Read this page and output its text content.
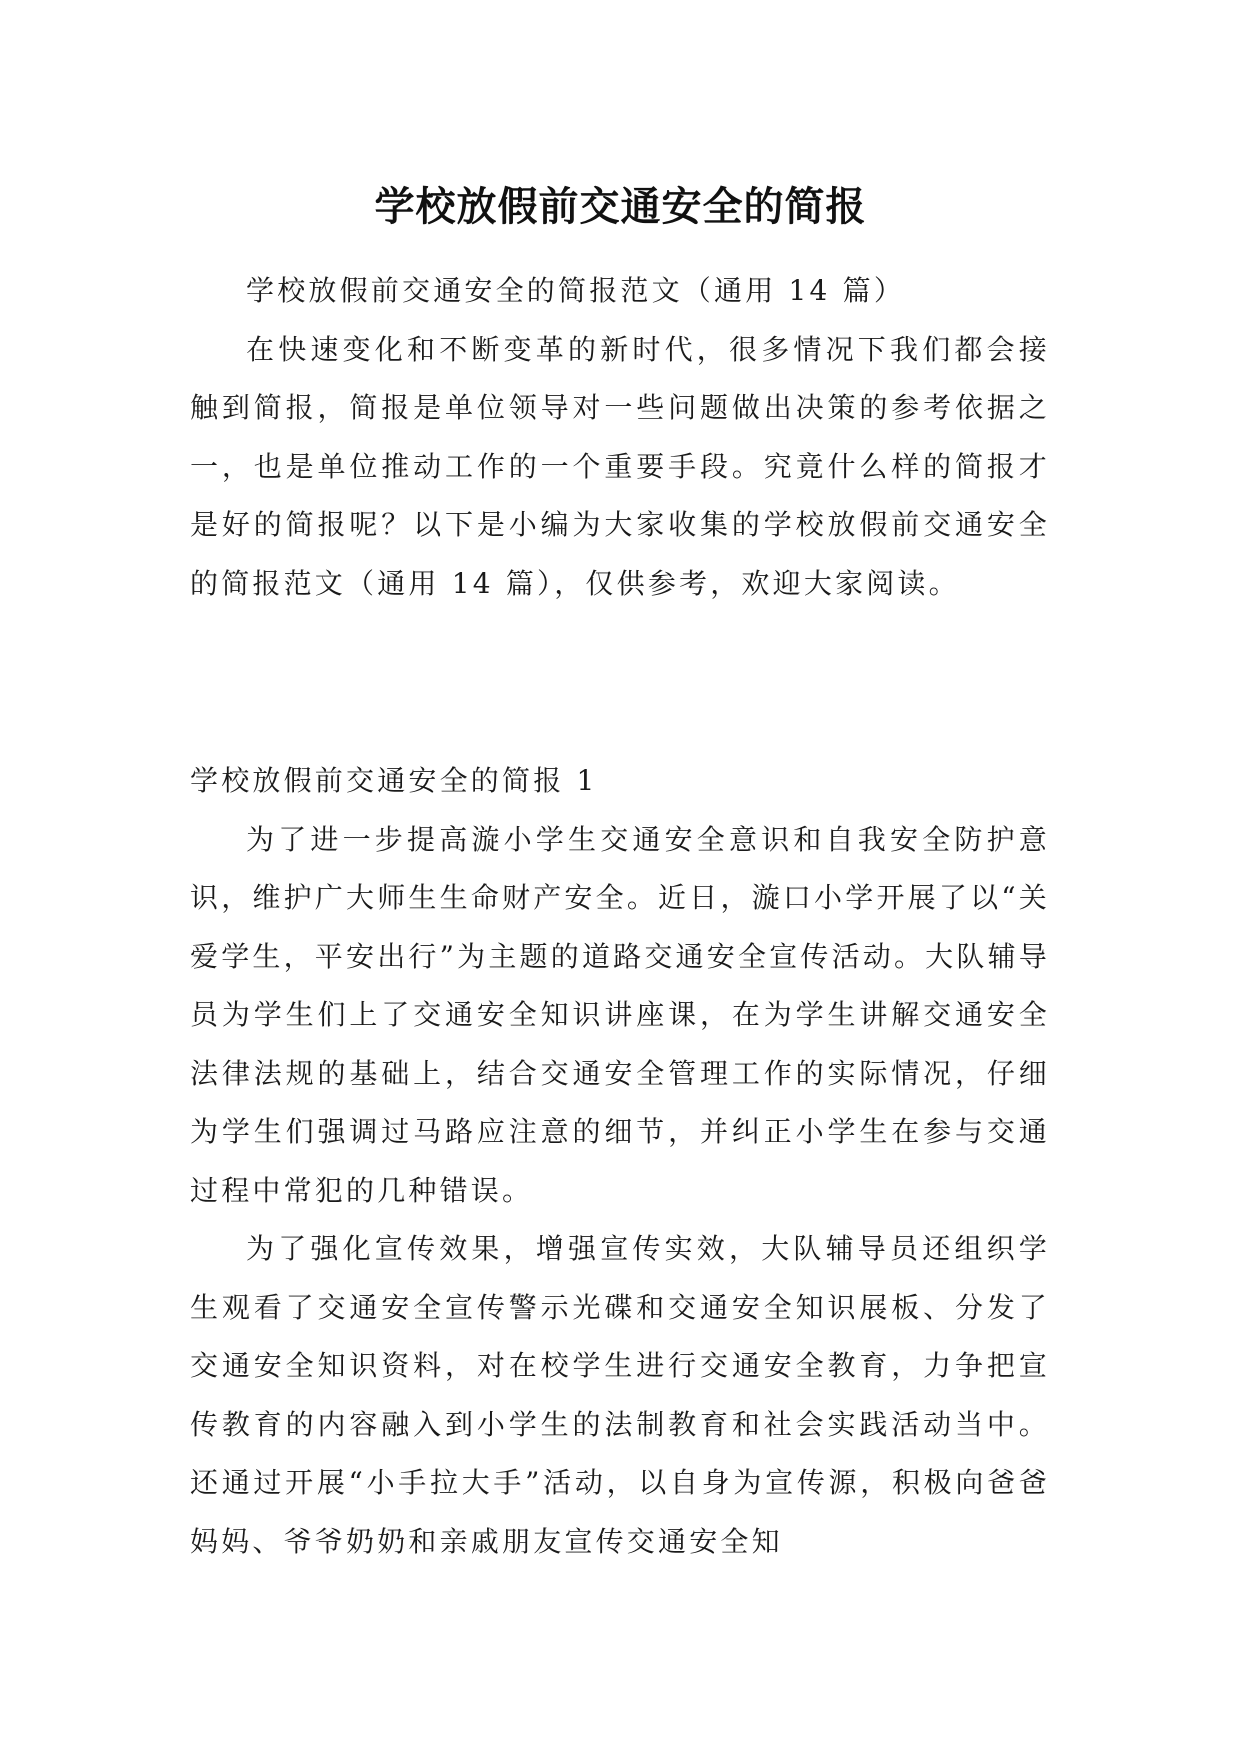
学校放假前交通安全的简报

学校放假前交通安全的简报范文（通用 14 篇）

在快速变化和不断变革的新时代，很多情况下我们都会接触到简报，简报是单位领导对一些问题做出决策的参考依据之一，也是单位推动工作的一个重要手段。究竟什么样的简报才是好的简报呢？以下是小编为大家收集的学校放假前交通安全的简报范文（通用 14 篇），仅供参考，欢迎大家阅读。

学校放假前交通安全的简报 1

为了进一步提高漩小学生交通安全意识和自我安全防护意识，维护广大师生生命财产安全。近日，漩口小学开展了以“关爱学生，平安出行”为主题的道路交通安全宣传活动。大队辅导员为学生们上了交通安全知识讲座课，在为学生讲解交通安全法律法规的基础上，结合交通安全管理工作的实际情况，仔细为学生们强调过马路应注意的细节，并纠正小学生在参与交通过程中常犯的几种错误。

为了强化宣传效果，增强宣传实效，大队辅导员还组织学生观看了交通安全宣传警示光碟和交通安全知识展板、分发了交通安全知识资料，对在校学生进行交通安全教育，力争把宣传教育的内容融入到小学生的法制教育和社会实践活动当中。还通过开展“小手拉大手”活动，以自身为宣传源，积极向爸爸妈妈、爷爷奶奶和亲戚朋友宣传交通安全知
